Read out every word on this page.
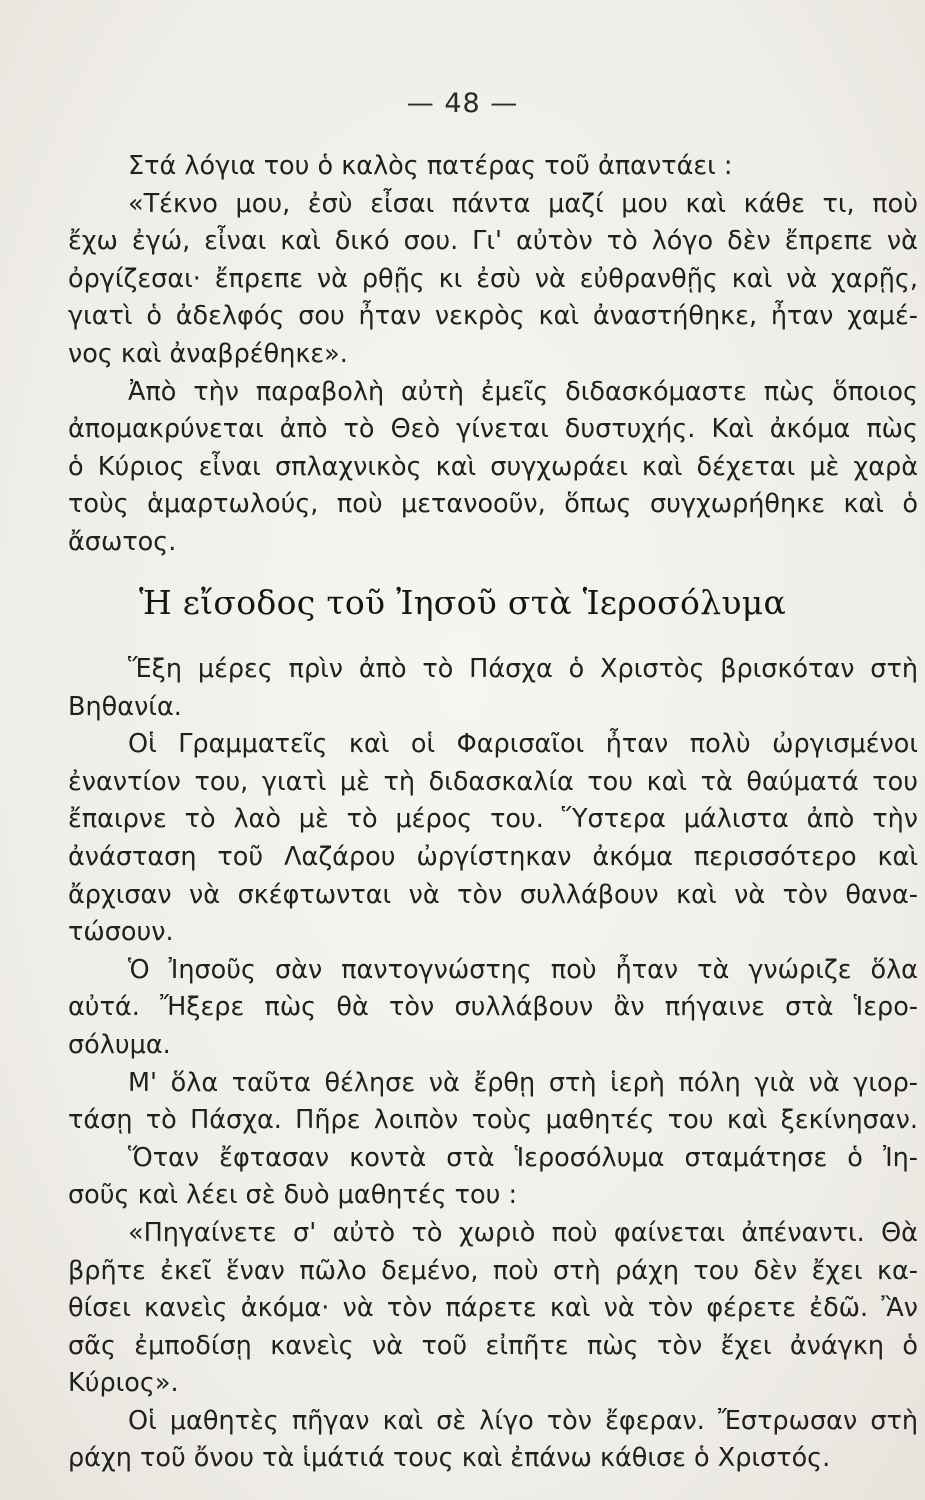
— 48 —
Στά λόγια του ὁ καλὸς πατέρας τοῦ ἀπαντάει :
«Τέκνο μου, ἐσὺ εἶσαι πάντα μαζί μου καὶ κάθε τι, ποὺ
ἔχω ἐγώ, εἶναι καὶ δικό σου. Γι' αὐτὸν τὸ λόγο δὲν ἔπρεπε νὰ
ὀργίζεσαι· ἔπρεπε νὰ ρθῇς κι ἐσὺ νὰ εὐθρανθῇς καὶ νὰ χαρῇς,
γιατὶ ὁ ἀδελφός σου ἦταν νεκρὸς καὶ ἀναστήθηκε, ἦταν χαμέ-
νος καὶ ἀναβρέθηκε».
Ἀπὸ τὴν παραβολὴ αὐτὴ ἐμεῖς διδασκόμαστε πὼς ὅποιος
ἀπομακρύνεται ἀπὸ τὸ Θεὸ γίνεται δυστυχής. Καὶ ἀκόμα πὼς
ὁ Κύριος εἶναι σπλαχνικὸς καὶ συγχωράει καὶ δέχεται μὲ χαρὰ
τοὺς ἁμαρτωλούς, ποὺ μετανοοῦν, ὅπως συγχωρήθηκε καὶ ὁ
ἄσωτος.
Ἡ εἴσοδος τοῦ Ἰησοῦ στὰ Ἱεροσόλυμα
Ἕξη μέρες πρὶν ἀπὸ τὸ Πάσχα ὁ Χριστὸς βρισκόταν στὴ
Βηθανία.
Οἱ Γραμματεῖς καὶ οἱ Φαρισαῖοι ἦταν πολὺ ὠργισμένοι
ἐναντίον του, γιατὶ μὲ τὴ διδασκαλία του καὶ τὰ θαύματά του
ἔπαιρνε τὸ λαὸ μὲ τὸ μέρος του. Ὕστερα μάλιστα ἀπὸ τὴν
ἀνάσταση τοῦ Λαζάρου ὠργίστηκαν ἀκόμα περισσότερο καὶ
ἄρχισαν νὰ σκέφτωνται νὰ τὸν συλλάβουν καὶ νὰ τὸν θανα-
τώσουν.
Ὁ Ἰησοῦς σὰν παντογνώστης ποὺ ἦταν τὰ γνώριζε ὅλα
αὐτά. Ἤξερε πὼς θὰ τὸν συλλάβουν ἂν πήγαινε στὰ Ἱερο-
σόλυμα.
Μ' ὅλα ταῦτα θέλησε νὰ ἔρθῃ στὴ ἱερὴ πόλη γιὰ νὰ γιορ-
τάσῃ τὸ Πάσχα. Πῆρε λοιπὸν τοὺς μαθητές του καὶ ξεκίνησαν.
Ὅταν ἔφτασαν κοντὰ στὰ Ἱεροσόλυμα σταμάτησε ὁ Ἰη-
σοῦς καὶ λέει σὲ δυὸ μαθητές του :
«Πηγαίνετε σ' αὐτὸ τὸ χωριὸ ποὺ φαίνεται ἀπέναντι. Θὰ
βρῆτε ἐκεῖ ἕναν πῶλο δεμένο, ποὺ στὴ ράχη του δὲν ἔχει κα-
θίσει κανεὶς ἀκόμα· νὰ τὸν πάρετε καὶ νὰ τὸν φέρετε ἐδῶ. Ἂν
σᾶς ἐμποδίσῃ κανεὶς νὰ τοῦ εἰπῆτε πὼς τὸν ἔχει ἀνάγκη ὁ
Κύριος».
Οἱ μαθητὲς πῆγαν καὶ σὲ λίγο τὸν ἔφεραν. Ἔστρωσαν στὴ
ράχη τοῦ ὄνου τὰ ἱμάτιά τους καὶ ἐπάνω κάθισε ὁ Χριστός.
